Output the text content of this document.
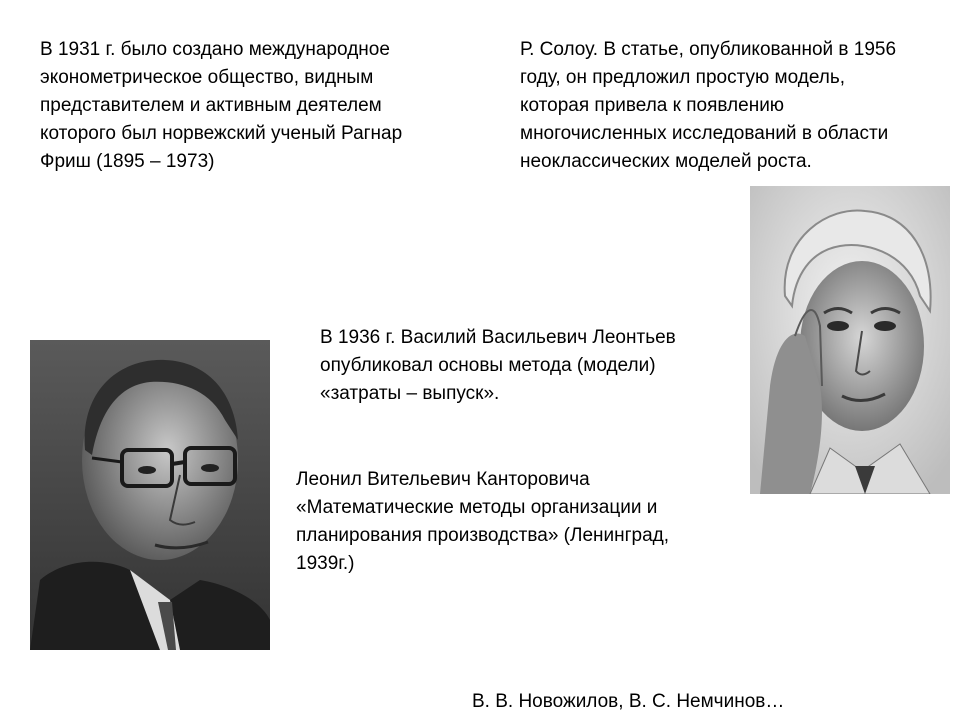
В 1931 г. было создано международное
эконометрическое общество, видным
представителем и активным деятелем
которого был норвежский ученый Рагнар
Фриш (1895 – 1973)
Р. Солоу. В статье, опубликованной в 1956
году, он предложил простую модель,
которая привела к появлению
многочисленных исследований в области
неоклассических моделей роста.
В 1936 г. Василий Васильевич Леонтьев
опубликовал основы метода (модели)
«затраты – выпуск».
Леонил Вительевич Канторовича
«Математические методы организации и
планирования производства» (Ленинград,
1939г.)
В. В. Новожилов, В. С. Немчинов…
